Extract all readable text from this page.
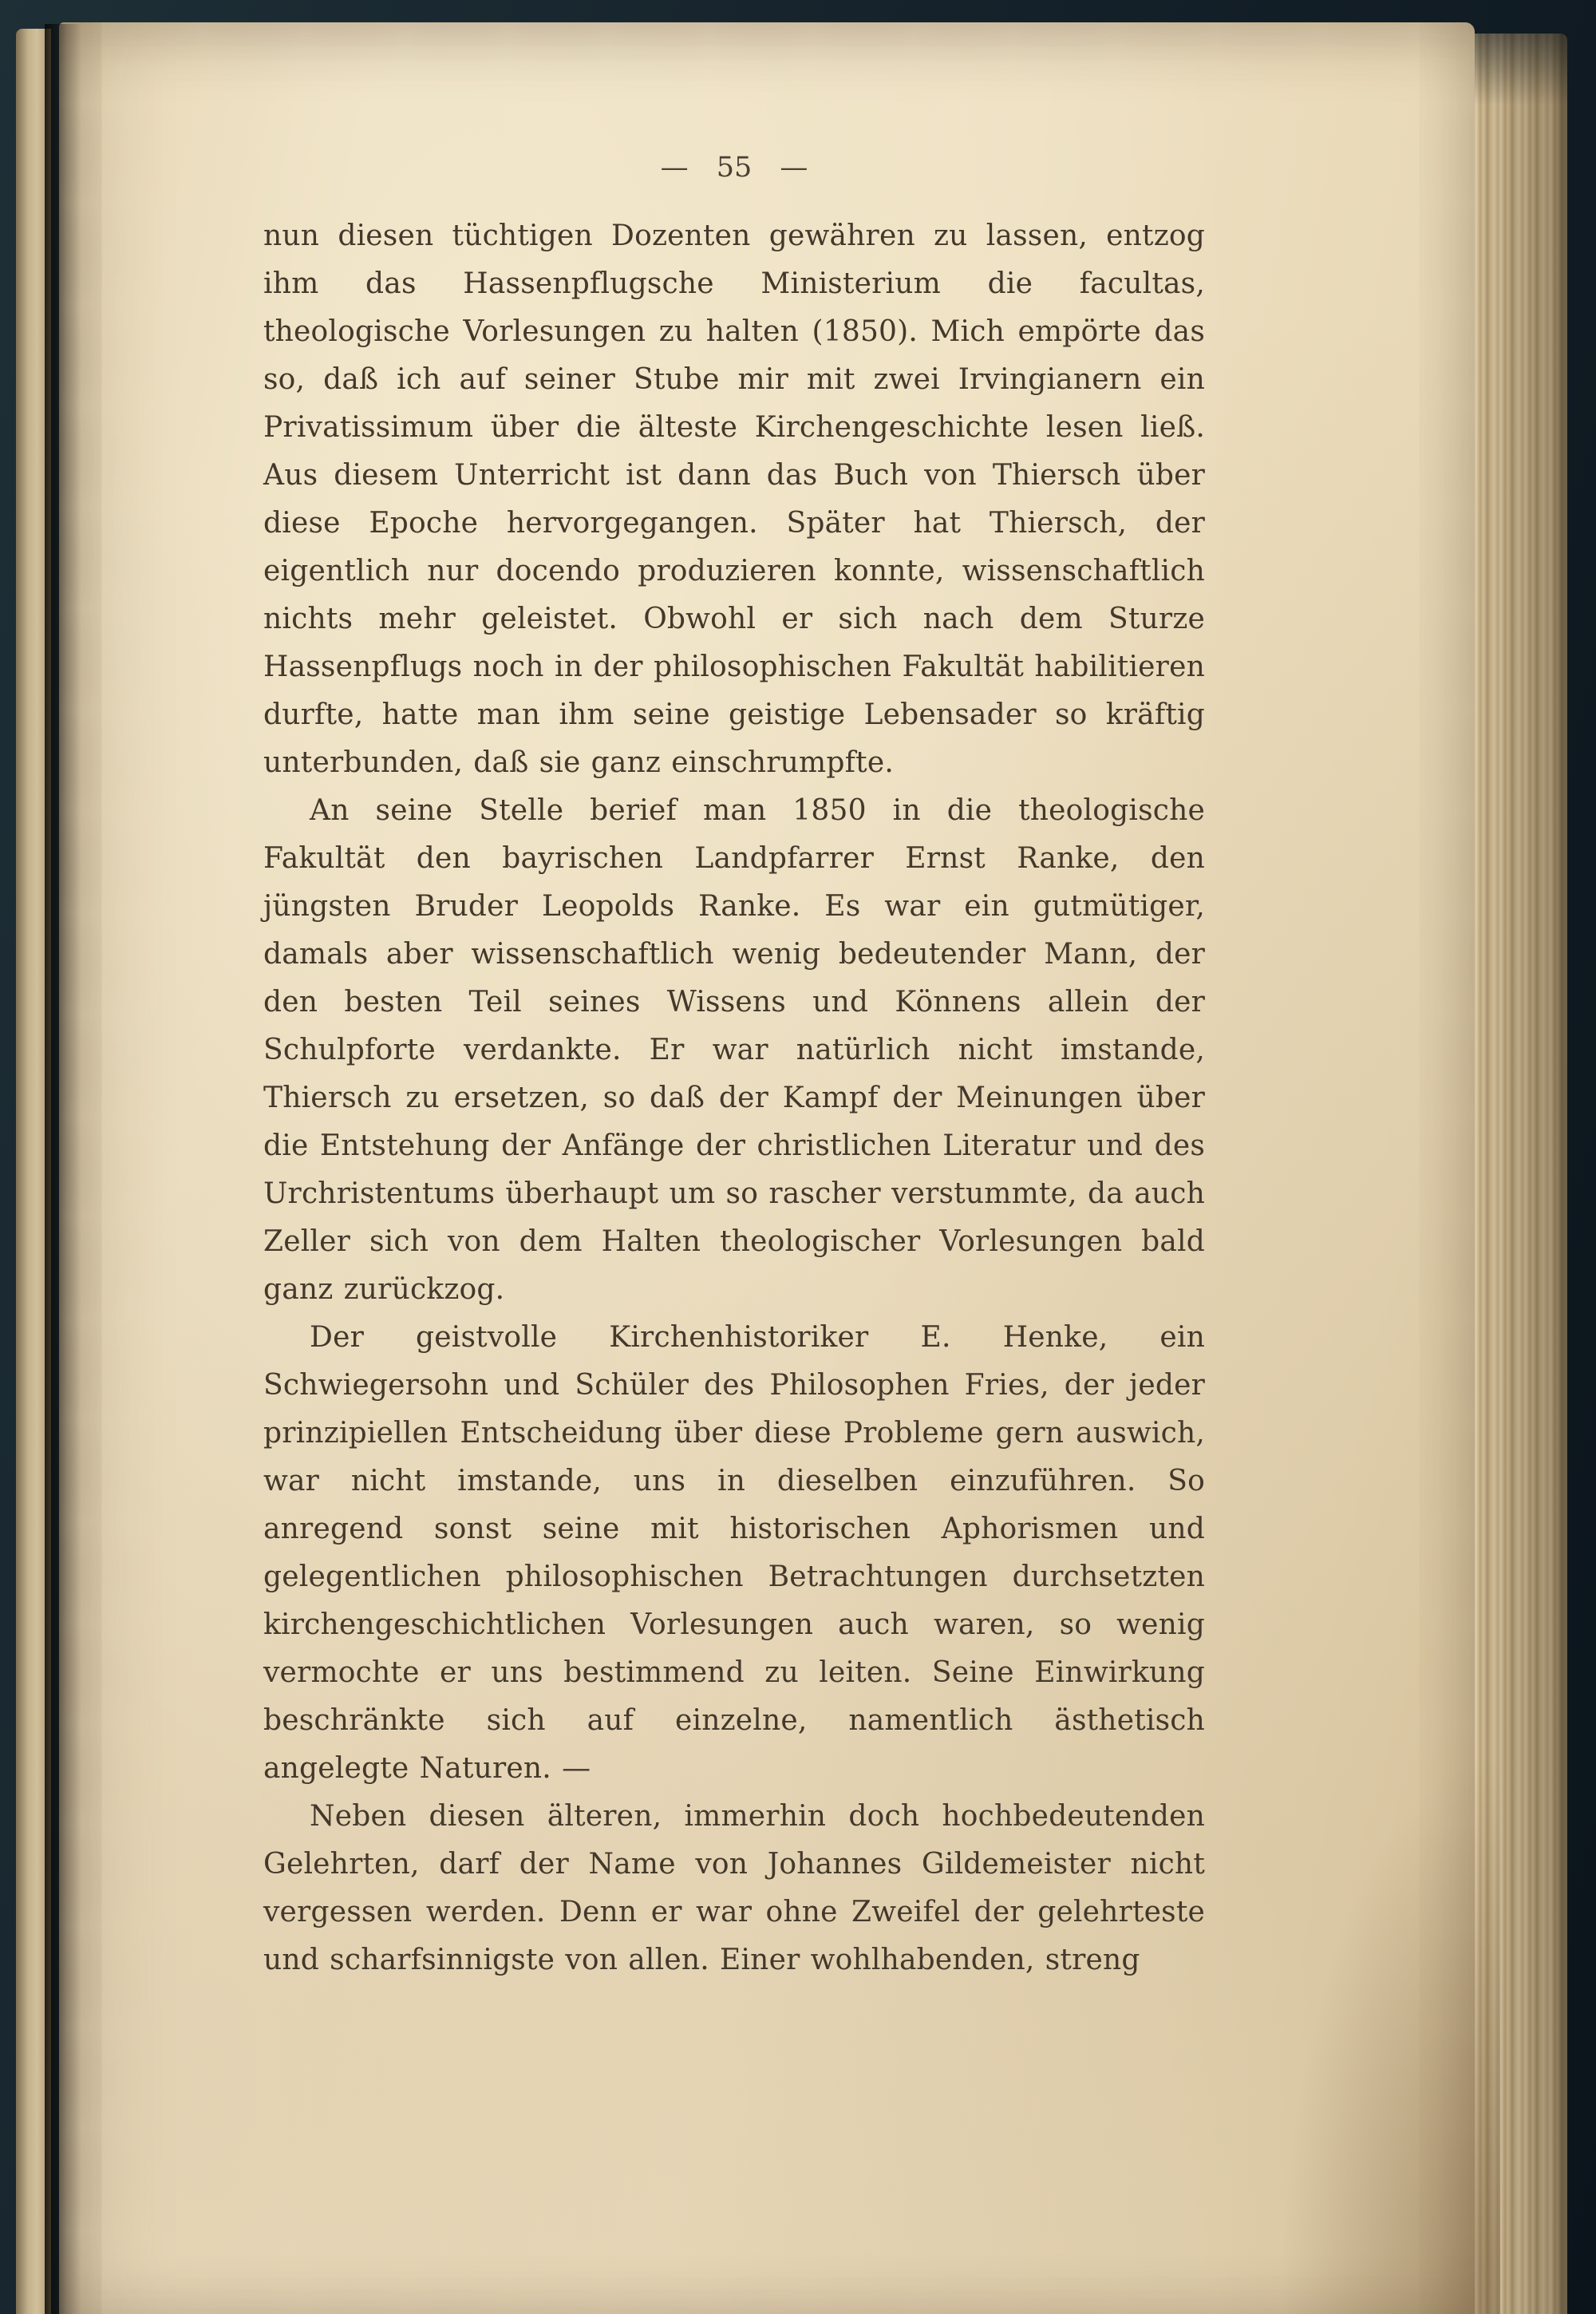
— 55 —

nun diesen tüchtigen Dozenten gewähren zu lassen, entzog ihm das Hassenpflugsche Ministerium die facultas, theologische Vorlesungen zu halten (1850). Mich empörte das so, daß ich auf seiner Stube mir mit zwei Irvingianern ein Privatissimum über die älteste Kirchengeschichte lesen ließ. Aus diesem Unterricht ist dann das Buch von Thiersch über diese Epoche hervorgegangen. Später hat Thiersch, der eigentlich nur docendo produzieren konnte, wissenschaftlich nichts mehr geleistet. Obwohl er sich nach dem Sturze Hassenpflugs noch in der philosophischen Fakultät habilitieren durfte, hatte man ihm seine geistige Lebensader so kräftig unterbunden, daß sie ganz einschrumpfte.

An seine Stelle berief man 1850 in die theologische Fakultät den bayrischen Landpfarrer Ernst Ranke, den jüngsten Bruder Leopolds Ranke. Es war ein gutmütiger, damals aber wissenschaftlich wenig bedeutender Mann, der den besten Teil seines Wissens und Könnens allein der Schulpforte verdankte. Er war natürlich nicht imstande, Thiersch zu ersetzen, so daß der Kampf der Meinungen über die Entstehung der Anfänge der christlichen Literatur und des Urchristentums überhaupt um so rascher verstummte, da auch Zeller sich von dem Halten theologischer Vorlesungen bald ganz zurückzog.

Der geistvolle Kirchenhistoriker E. Henke, ein Schwiegersohn und Schüler des Philosophen Fries, der jeder prinzipiellen Entscheidung über diese Probleme gern auswich, war nicht imstande, uns in dieselben einzuführen. So anregend sonst seine mit historischen Aphorismen und gelegentlichen philosophischen Betrachtungen durchsetzten kirchengeschichtlichen Vorlesungen auch waren, so wenig vermochte er uns bestimmend zu leiten. Seine Einwirkung beschränkte sich auf einzelne, namentlich ästhetisch angelegte Naturen. —

Neben diesen älteren, immerhin doch hochbedeutenden Gelehrten, darf der Name von Johannes Gildemeister nicht vergessen werden. Denn er war ohne Zweifel der gelehrteste und scharfsinnigste von allen. Einer wohlhabenden, streng
